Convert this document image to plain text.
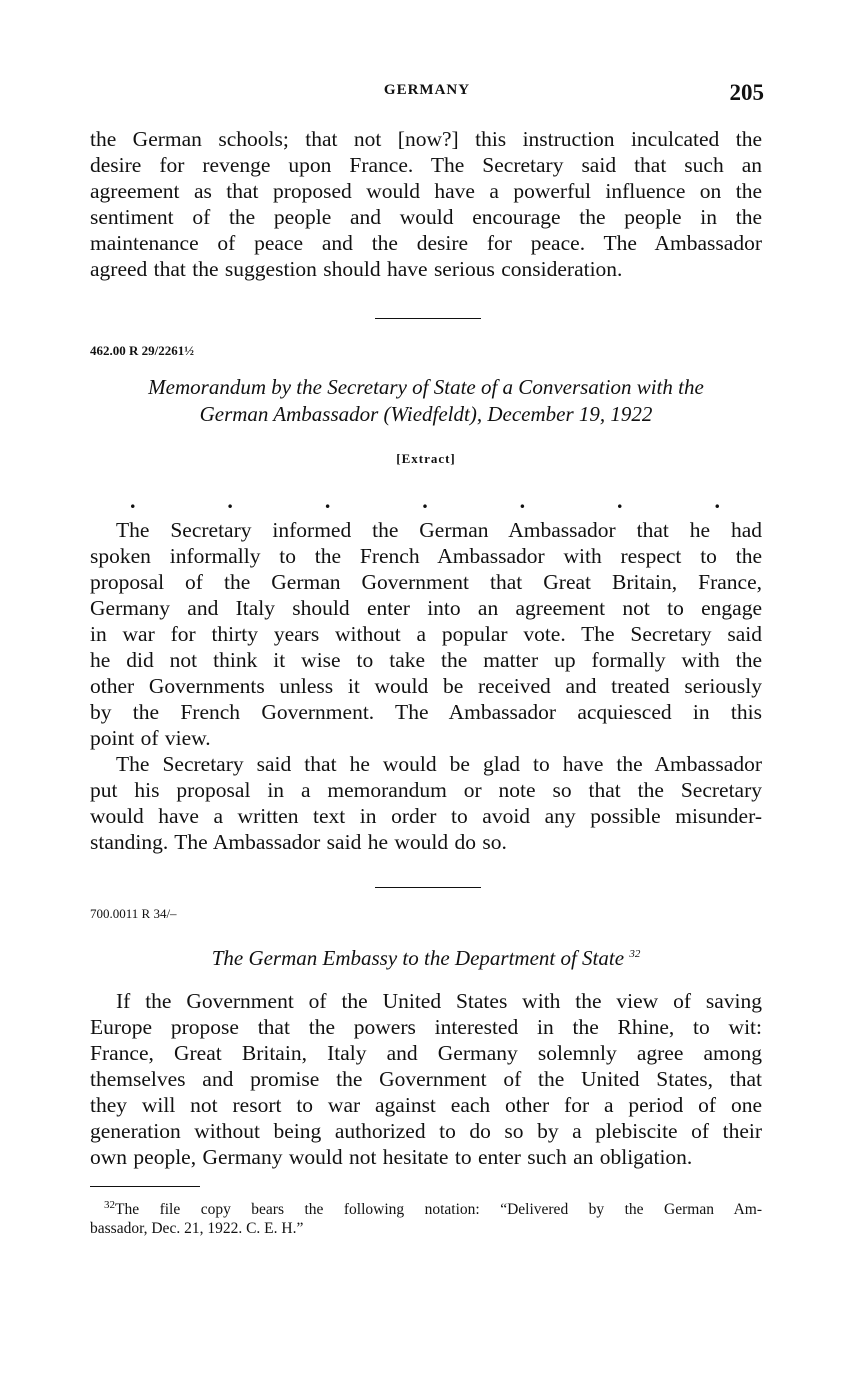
GERMANY	205

the German schools; that not [now?] this instruction inculcated the
desire for revenge upon France. The Secretary said that such an
agreement as that proposed would have a powerful influence on the
sentiment of the people and would encourage the people in the
maintenance of peace and the desire for peace. The Ambassador
agreed that the suggestion should have serious consideration.

462.00 R 29/2261½
Memorandum by the Secretary of State of a Conversation with the
German Ambassador (Wiedfeldt), December 19, 1922
[Extract]
.	.	.	.	.	.	.

The Secretary informed the German Ambassador that he had
spoken informally to the French Ambassador with respect to the
proposal of the German Government that Great Britain, France,
Germany and Italy should enter into an agreement not to engage
in war for thirty years without a popular vote. The Secretary said
he did not think it wise to take the matter up formally with the
other Governments unless it would be received and treated seriously
by the French Government. The Ambassador acquiesced in this
point of view.

The Secretary said that he would be glad to have the Ambassador
put his proposal in a memorandum or note so that the Secretary
would have a written text in order to avoid any possible misunder-
standing. The Ambassador said he would do so.

700.0011 R 34/–
The German Embassy to the Department of State $^{32}$

If the Government of the United States with the view of saving
Europe propose that the powers interested in the Rhine, to wit:
France, Great Britain, Italy and Germany solemnly agree among
themselves and promise the Government of the United States, that
they will not resort to war against each other for a period of one
generation without being authorized to do so by a plebiscite of their
own people, Germany would not hesitate to enter such an obligation.

$^{32}$The file copy bears the following notation: “Delivered by the German Am-
bassador, Dec. 21, 1922. C. E. H.”
